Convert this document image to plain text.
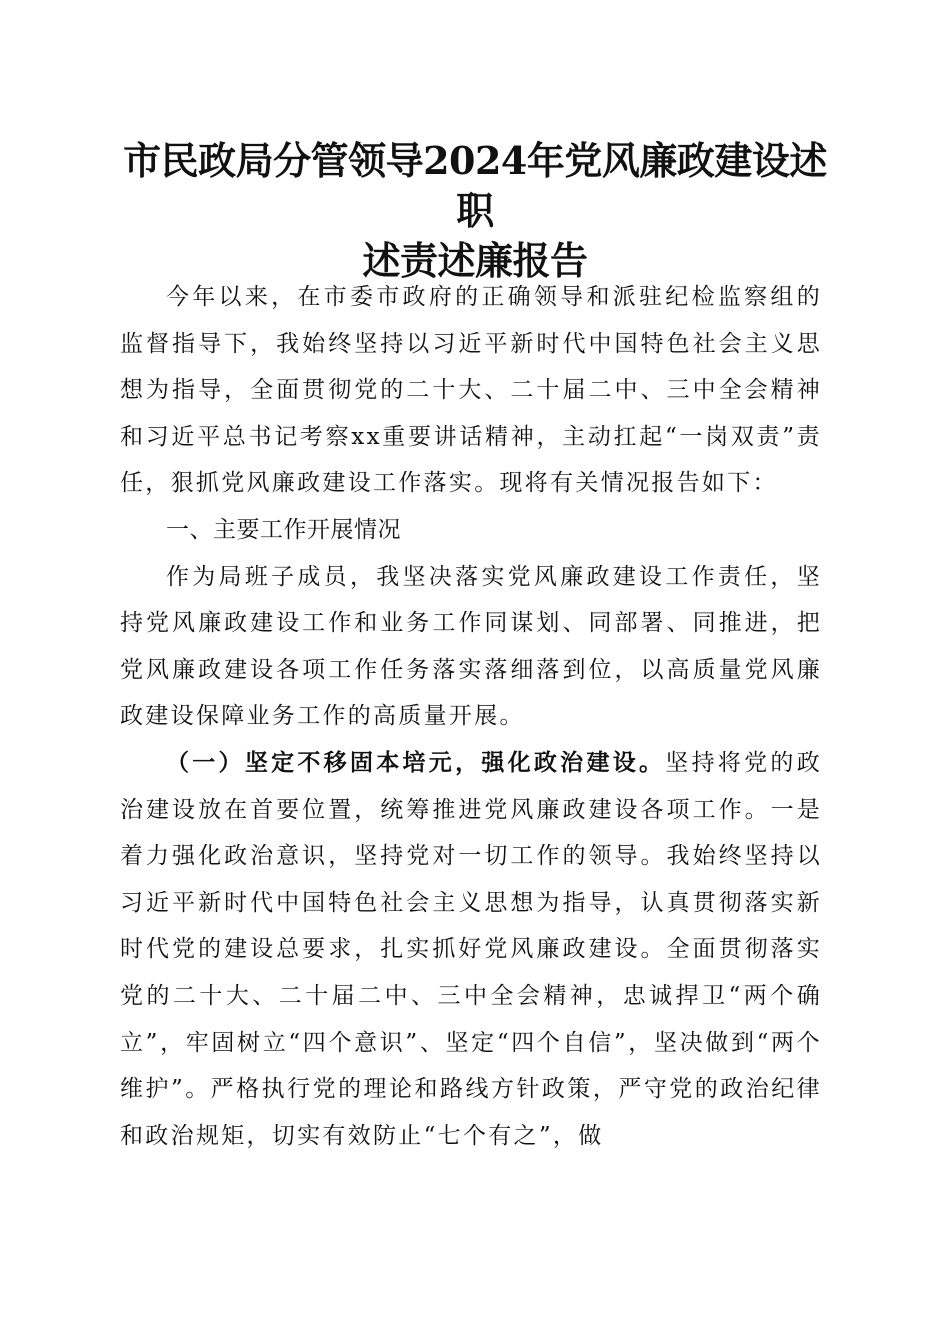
市民政局分管领导2024年党风廉政建设述职
述责述廉报告

今年以来，在市委市政府的正确领导和派驻纪检监察组的监督指导下，我始终坚持以习近平新时代中国特色社会主义思想为指导，全面贯彻党的二十大、二十届二中、三中全会精神和习近平总书记考察xx重要讲话精神，主动扛起“一岗双责”责任，狠抓党风廉政建设工作落实。现将有关情况报告如下：

一、主要工作开展情况

作为局班子成员，我坚决落实党风廉政建设工作责任，坚持党风廉政建设工作和业务工作同谋划、同部署、同推进，把党风廉政建设各项工作任务落实落细落到位，以高质量党风廉政建设保障业务工作的高质量开展。

（一）坚定不移固本培元，强化政治建设。坚持将党的政治建设放在首要位置，统筹推进党风廉政建设各项工作。一是着力强化政治意识，坚持党对一切工作的领导。我始终坚持以习近平新时代中国特色社会主义思想为指导，认真贯彻落实新时代党的建设总要求，扎实抓好党风廉政建设。全面贯彻落实党的二十大、二十届二中、三中全会精神，忠诚捍卫“两个确立”，牢固树立“四个意识”、坚定“四个自信”，坚决做到“两个维护”。严格执行党的理论和路线方针政策，严守党的政治纪律和政治规矩，切实有效防止“七个有之”，做
